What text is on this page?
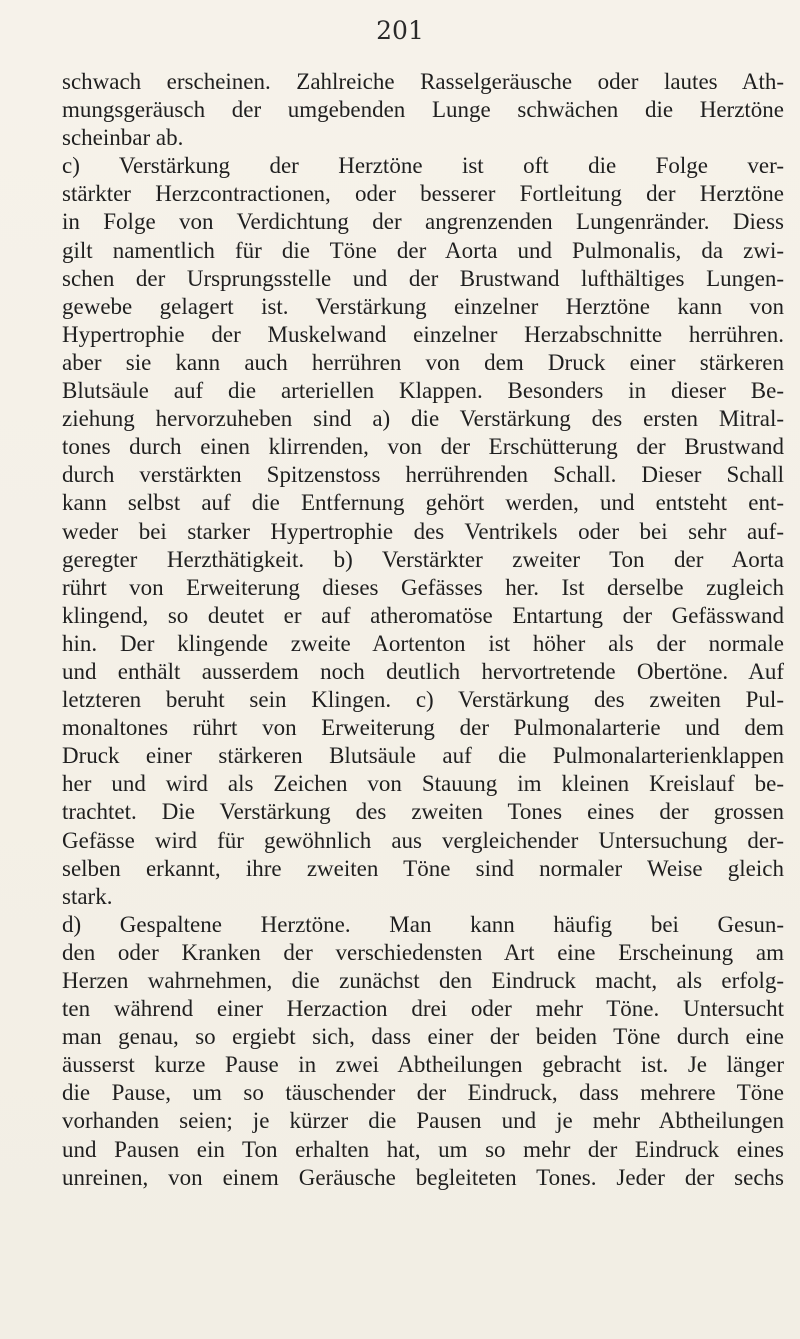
201
schwach erscheinen. Zahlreiche Rasselgeräusche oder lautes Ath-
mungsgeräusch der umgebenden Lunge schwächen die Herztöne
scheinbar ab.
c) Verstärkung der Herztöne ist oft die Folge ver-
stärkter Herzcontractionen, oder besserer Fortleitung der Herztöne
in Folge von Verdichtung der angrenzenden Lungenränder. Diess
gilt namentlich für die Töne der Aorta und Pulmonalis, da zwi-
schen der Ursprungsstelle und der Brustwand lufthältiges Lungen-
gewebe gelagert ist. Verstärkung einzelner Herztöne kann von
Hypertrophie der Muskelwand einzelner Herzabschnitte herrühren.
aber sie kann auch herrühren von dem Druck einer stärkeren
Blutsäule auf die arteriellen Klappen. Besonders in dieser Be-
ziehung hervorzuheben sind a) die Verstärkung des ersten Mitral-
tones durch einen klirrenden, von der Erschütterung der Brustwand
durch verstärkten Spitzenstoss herrührenden Schall. Dieser Schall
kann selbst auf die Entfernung gehört werden, und entsteht ent-
weder bei starker Hypertrophie des Ventrikels oder bei sehr auf-
geregter Herzthätigkeit. b) Verstärkter zweiter Ton der Aorta
rührt von Erweiterung dieses Gefässes her. Ist derselbe zugleich
klingend, so deutet er auf atheromatöse Entartung der Gefässwand
hin. Der klingende zweite Aortenton ist höher als der normale
und enthält ausserdem noch deutlich hervortretende Obertöne. Auf
letzteren beruht sein Klingen. c) Verstärkung des zweiten Pul-
monaltones rührt von Erweiterung der Pulmonalarterie und dem
Druck einer stärkeren Blutsäule auf die Pulmonalarterienklappen
her und wird als Zeichen von Stauung im kleinen Kreislauf be-
trachtet. Die Verstärkung des zweiten Tones eines der grossen
Gefässe wird für gewöhnlich aus vergleichender Untersuchung der-
selben erkannt, ihre zweiten Töne sind normaler Weise gleich
stark.
d) Gespaltene Herztöne. Man kann häufig bei Gesun-
den oder Kranken der verschiedensten Art eine Erscheinung am
Herzen wahrnehmen, die zunächst den Eindruck macht, als erfolg-
ten während einer Herzaction drei oder mehr Töne. Untersucht
man genau, so ergiebt sich, dass einer der beiden Töne durch eine
äusserst kurze Pause in zwei Abtheilungen gebracht ist. Je länger
die Pause, um so täuschender der Eindruck, dass mehrere Töne
vorhanden seien; je kürzer die Pausen und je mehr Abtheilungen
und Pausen ein Ton erhalten hat, um so mehr der Eindruck eines
unreinen, von einem Geräusche begleiteten Tones. Jeder der sechs
